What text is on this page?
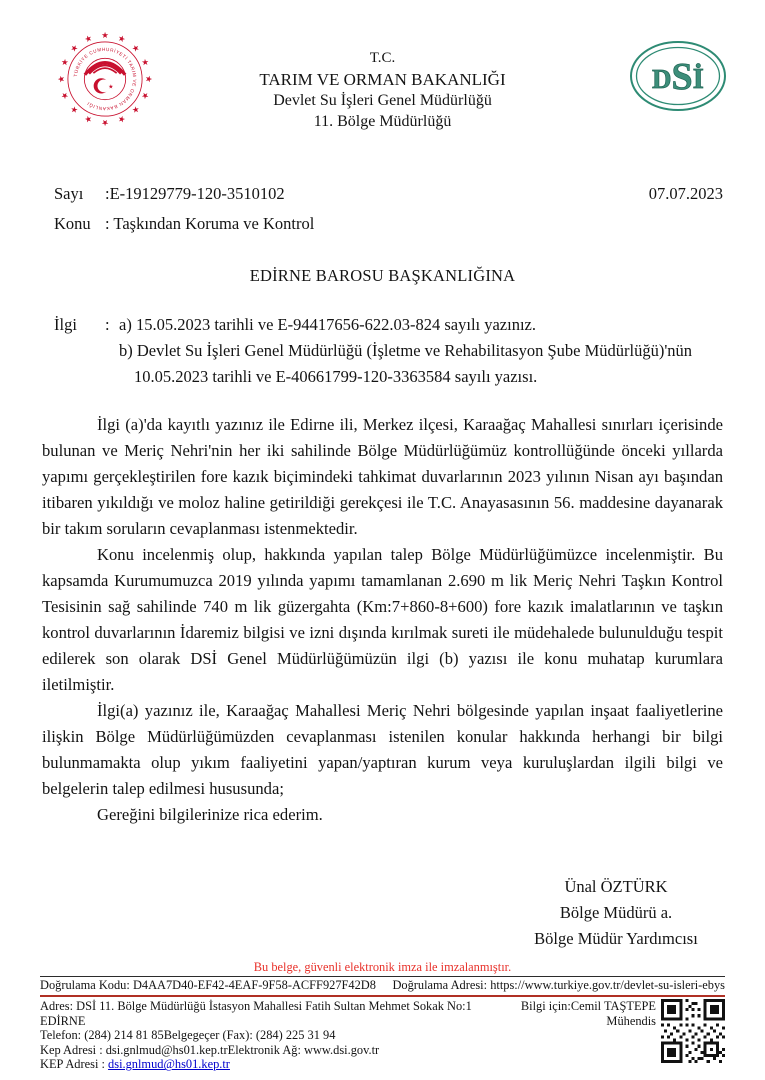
TÜRKİYE CUMHURİYETİ TARIM VE ORMAN BAKANLIĞI
★
T.C.
TARIM VE ORMAN BAKANLIĞI
Devlet Su İşleri Genel Müdürlüğü
11. Bölge Müdürlüğü
DSİ
Sayı	:E-19129779-120-3510102	07.07.2023
Konu : Taşkından Koruma ve Kontrol
EDİRNE BAROSU BAŞKANLIĞINA
İlgi	: a) 15.05.2023 tarihli ve E-94417656-622.03-824 sayılı yazınız.
b) Devlet Su İşleri Genel Müdürlüğü (İşletme ve Rehabilitasyon Şube Müdürlüğü)'nün
10.05.2023 tarihli ve E-40661799-120-3363584 sayılı yazısı.

İlgi (a)'da kayıtlı yazınız ile Edirne ili, Merkez ilçesi, Karaağaç Mahallesi sınırları içerisinde bulunan ve Meriç Nehri'nin her iki sahilinde Bölge Müdürlüğümüz kontrollüğünde önceki yıllarda yapımı gerçekleştirilen fore kazık biçimindeki tahkimat duvarlarının 2023 yılının Nisan ayı başından itibaren yıkıldığı ve moloz haline getirildiği gerekçesi ile T.C. Anayasasının 56. maddesine dayanarak bir takım soruların cevaplanması istenmektedir.

Konu incelenmiş olup, hakkında yapılan talep Bölge Müdürlüğümüzce incelenmiştir. Bu kapsamda Kurumumuzca 2019 yılında yapımı tamamlanan 2.690 m lik Meriç Nehri Taşkın Kontrol Tesisinin sağ sahilinde 740 m lik güzergahta (Km:7+860-8+600) fore kazık imalatlarının ve taşkın kontrol duvarlarının İdaremiz bilgisi ve izni dışında kırılmak sureti ile müdehalede bulunulduğu tespit edilerek son olarak DSİ Genel Müdürlüğümüzün ilgi (b) yazısı ile konu muhatap kurumlara iletilmiştir.

İlgi(a) yazınız ile, Karaağaç Mahallesi Meriç Nehri bölgesinde yapılan inşaat faaliyetlerine ilişkin Bölge Müdürlüğümüzden cevaplanması istenilen konular hakkında herhangi bir bilgi bulunmamakta olup yıkım faaliyetini yapan/yaptıran kurum veya kuruluşlardan ilgili bilgi ve belgelerin talep edilmesi hususunda;

Gereğini bilgilerinize rica ederim.

Ünal ÖZTÜRK
Bölge Müdürü a.
Bölge Müdür Yardımcısı
Bu belge, güvenli elektronik imza ile imzalanmıştır.
Doğrulama Kodu: D4AA7D40-EF42-4EAF-9F58-ACFF927F42D8 Doğrulama Adresi: https://www.turkiye.gov.tr/devlet-su-isleri-ebys
Adres: DSİ 11. Bölge Müdürlüğü İstasyon Mahallesi Fatih Sultan Mehmet Sokak No:1
EDİRNE
Telefon: (284) 214 81 85Belgegeçer (Fax): (284) 225 31 94
Kep Adresi : dsi.gnlmud@hs01.kep.trElektronik Ağ: www.dsi.gov.tr
KEP Adresi : dsi.gnlmud@hs01.kep.tr
Bilgi için:Cemil TAŞTEPE
Mühendis
